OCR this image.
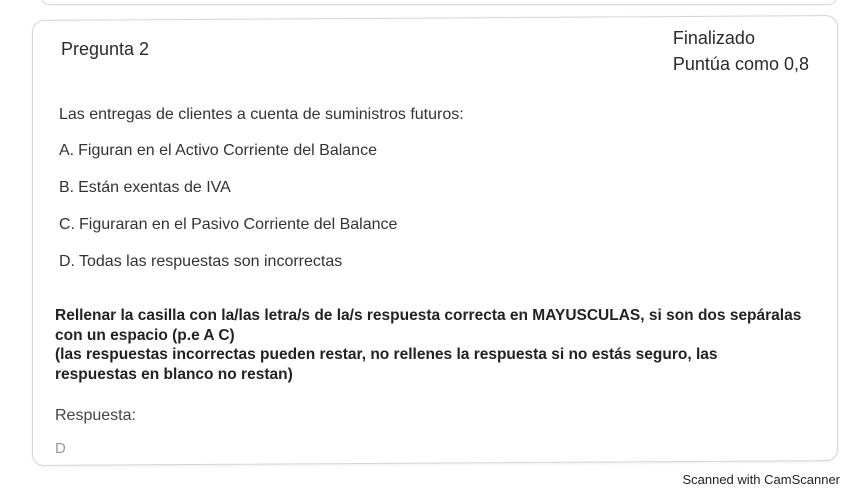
Pregunta 2
Finalizado
Puntúa como 0,8
Las entregas de clientes a cuenta de suministros futuros:
A. Figuran en el Activo Corriente del Balance
B. Están exentas de IVA
C. Figuraran en el Pasivo Corriente del Balance
D. Todas las respuestas son incorrectas

Rellenar la casilla con la/las letra/s de la/s respuesta correcta en MAYUSCULAS, si son dos sepáralas con un espacio (p.e A C)

(las respuestas incorrectas pueden restar, no rellenes la respuesta si no estás seguro, las respuestas en blanco no restan)

Respuesta:
D
Scanned with CamScanner
